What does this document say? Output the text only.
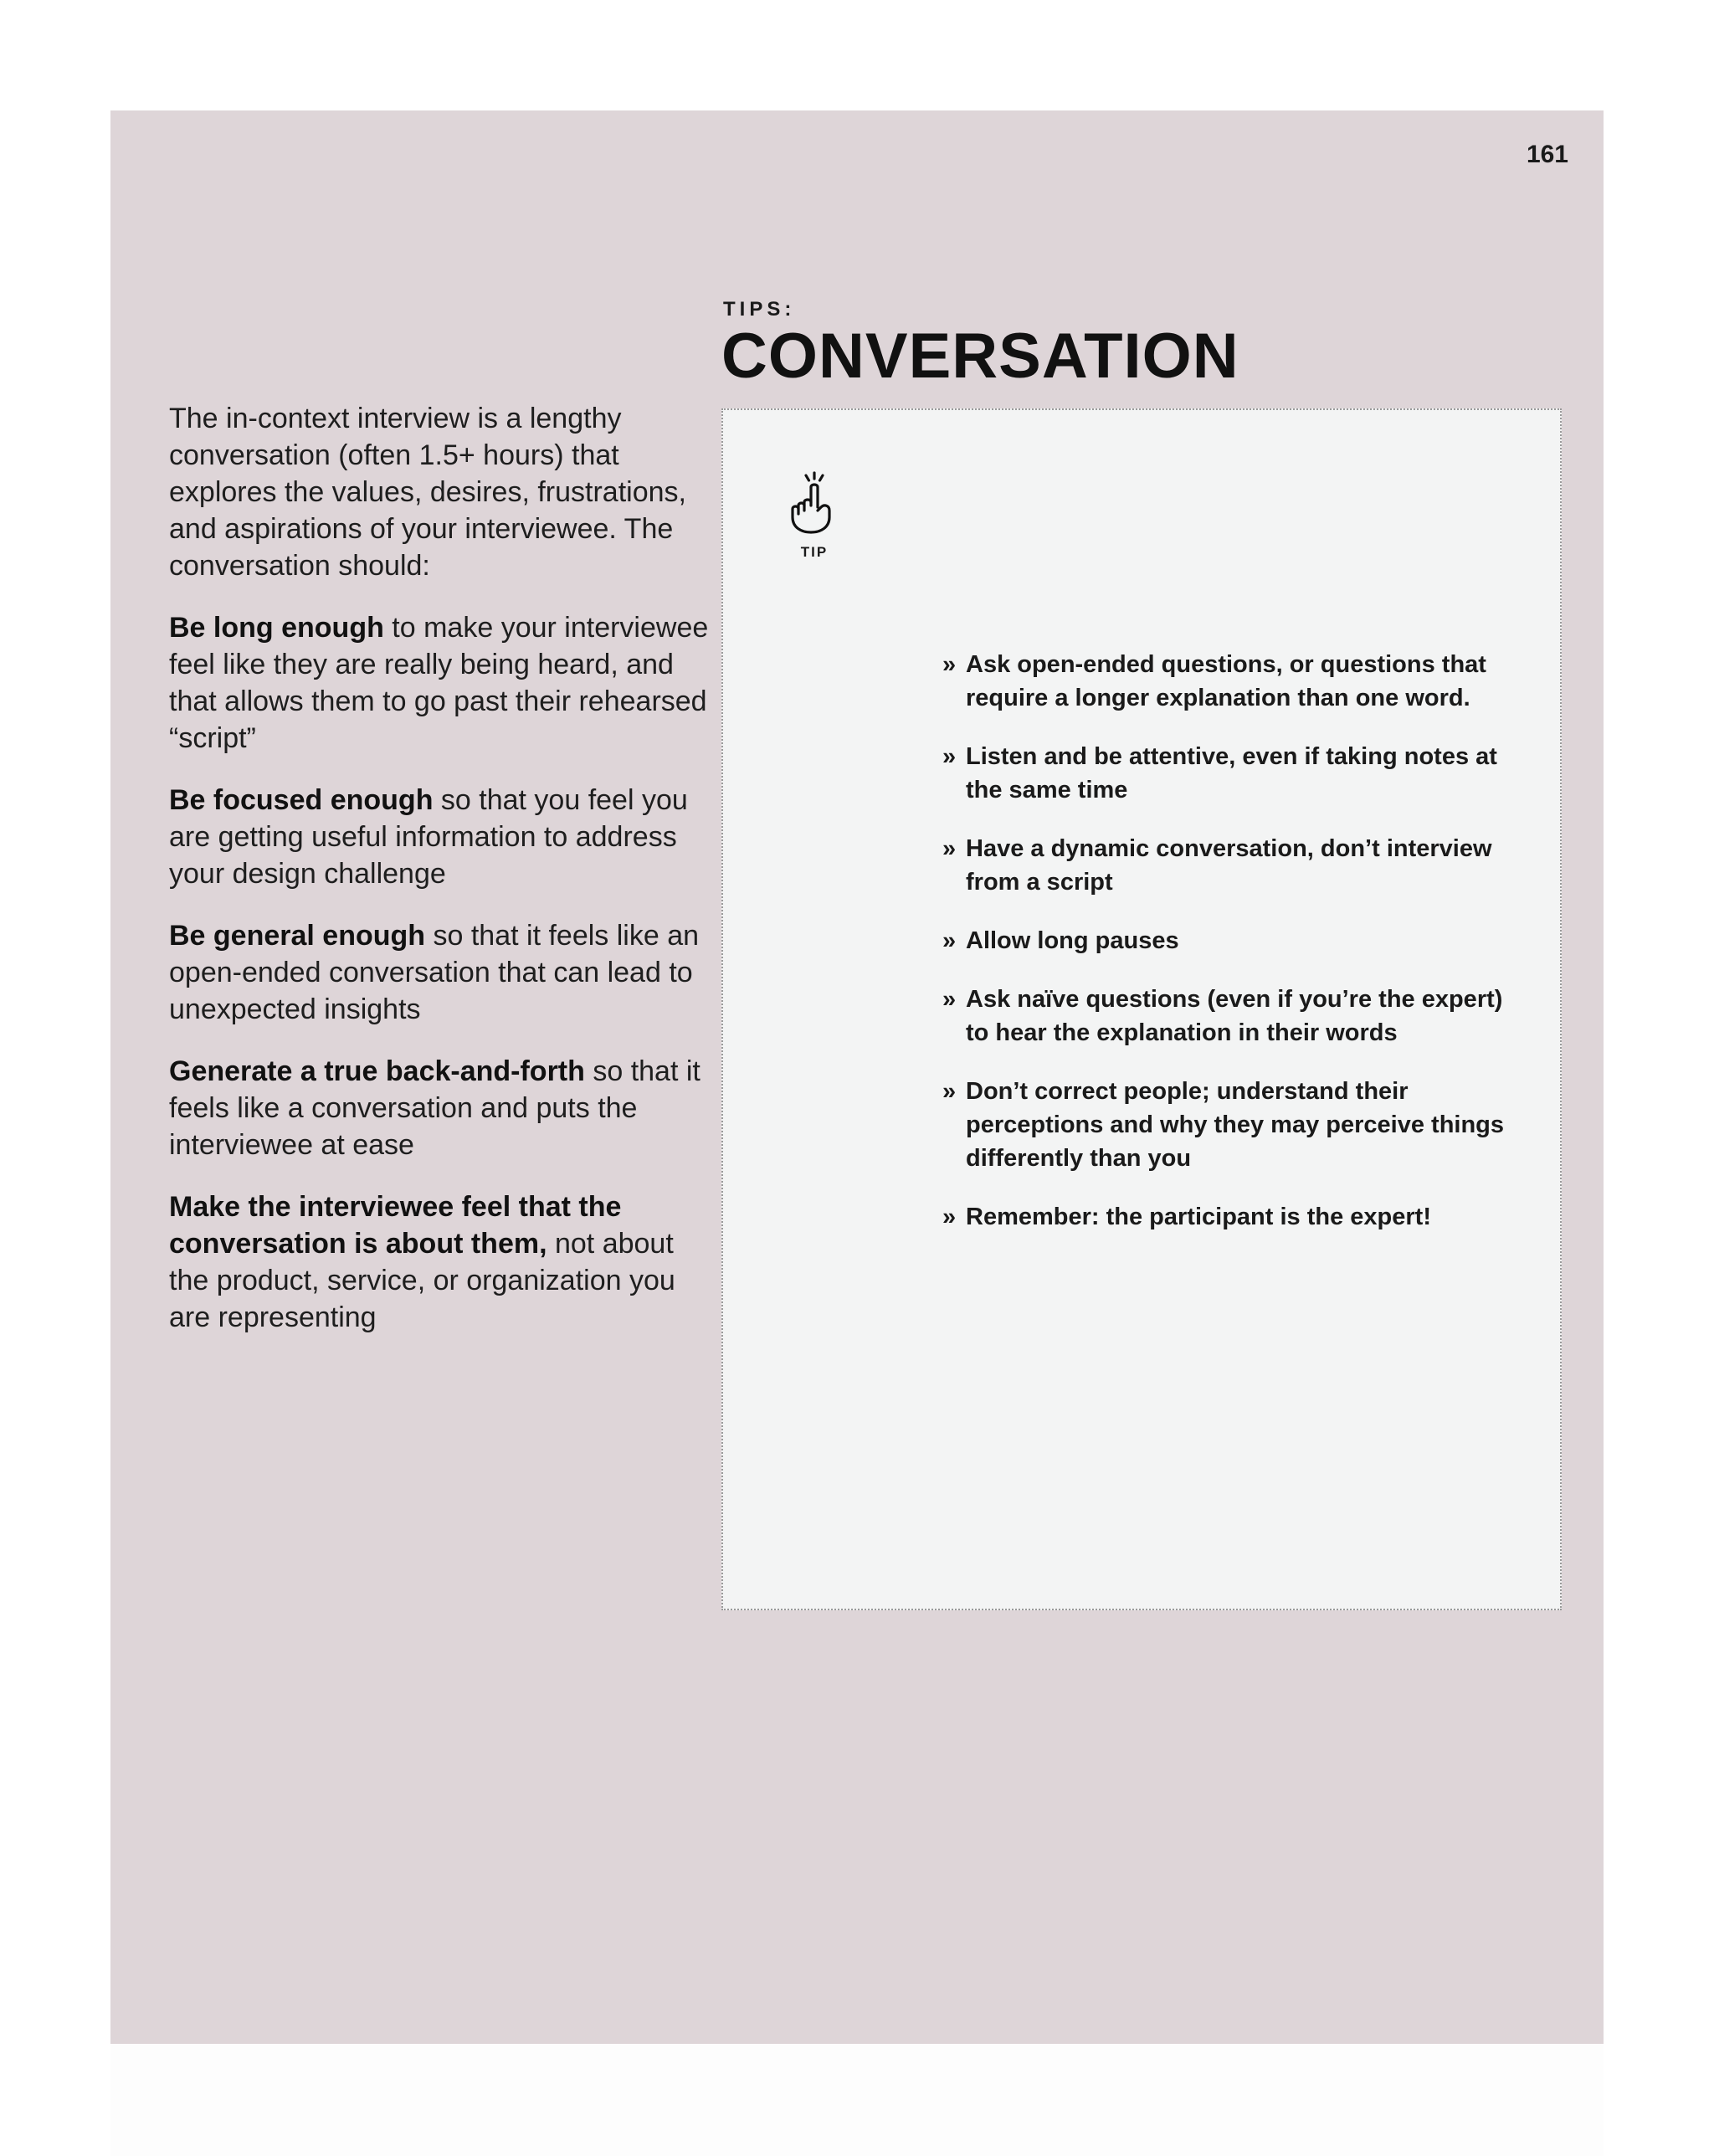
161

TIPS:

CONVERSATION

The in-context interview is a lengthy conversation (often 1.5+ hours) that explores the values, desires, frustrations, and aspirations of your interviewee. The conversation should:

Be long enough to make your interviewee feel like they are really being heard, and that allows them to go past their rehearsed “script”

Be focused enough so that you feel you are getting useful information to address your design challenge

Be general enough so that it feels like an open-ended conversation that can lead to unexpected insights

Generate a true back-and-forth so that it feels like a conversation and puts the interviewee at ease

Make the interviewee feel that the conversation is about them, not about the product, service, or organization you are representing

TIP
» Ask open-ended questions, or questions that require a longer explanation than one word.
» Listen and be attentive, even if taking notes at the same time
» Have a dynamic conversation, don’t interview from a script
» Allow long pauses
» Ask naïve questions (even if you’re the expert) to hear the explanation in their words
» Don’t correct people; understand their perceptions and why they may perceive things differently than you
» Remember: the participant is the expert!
